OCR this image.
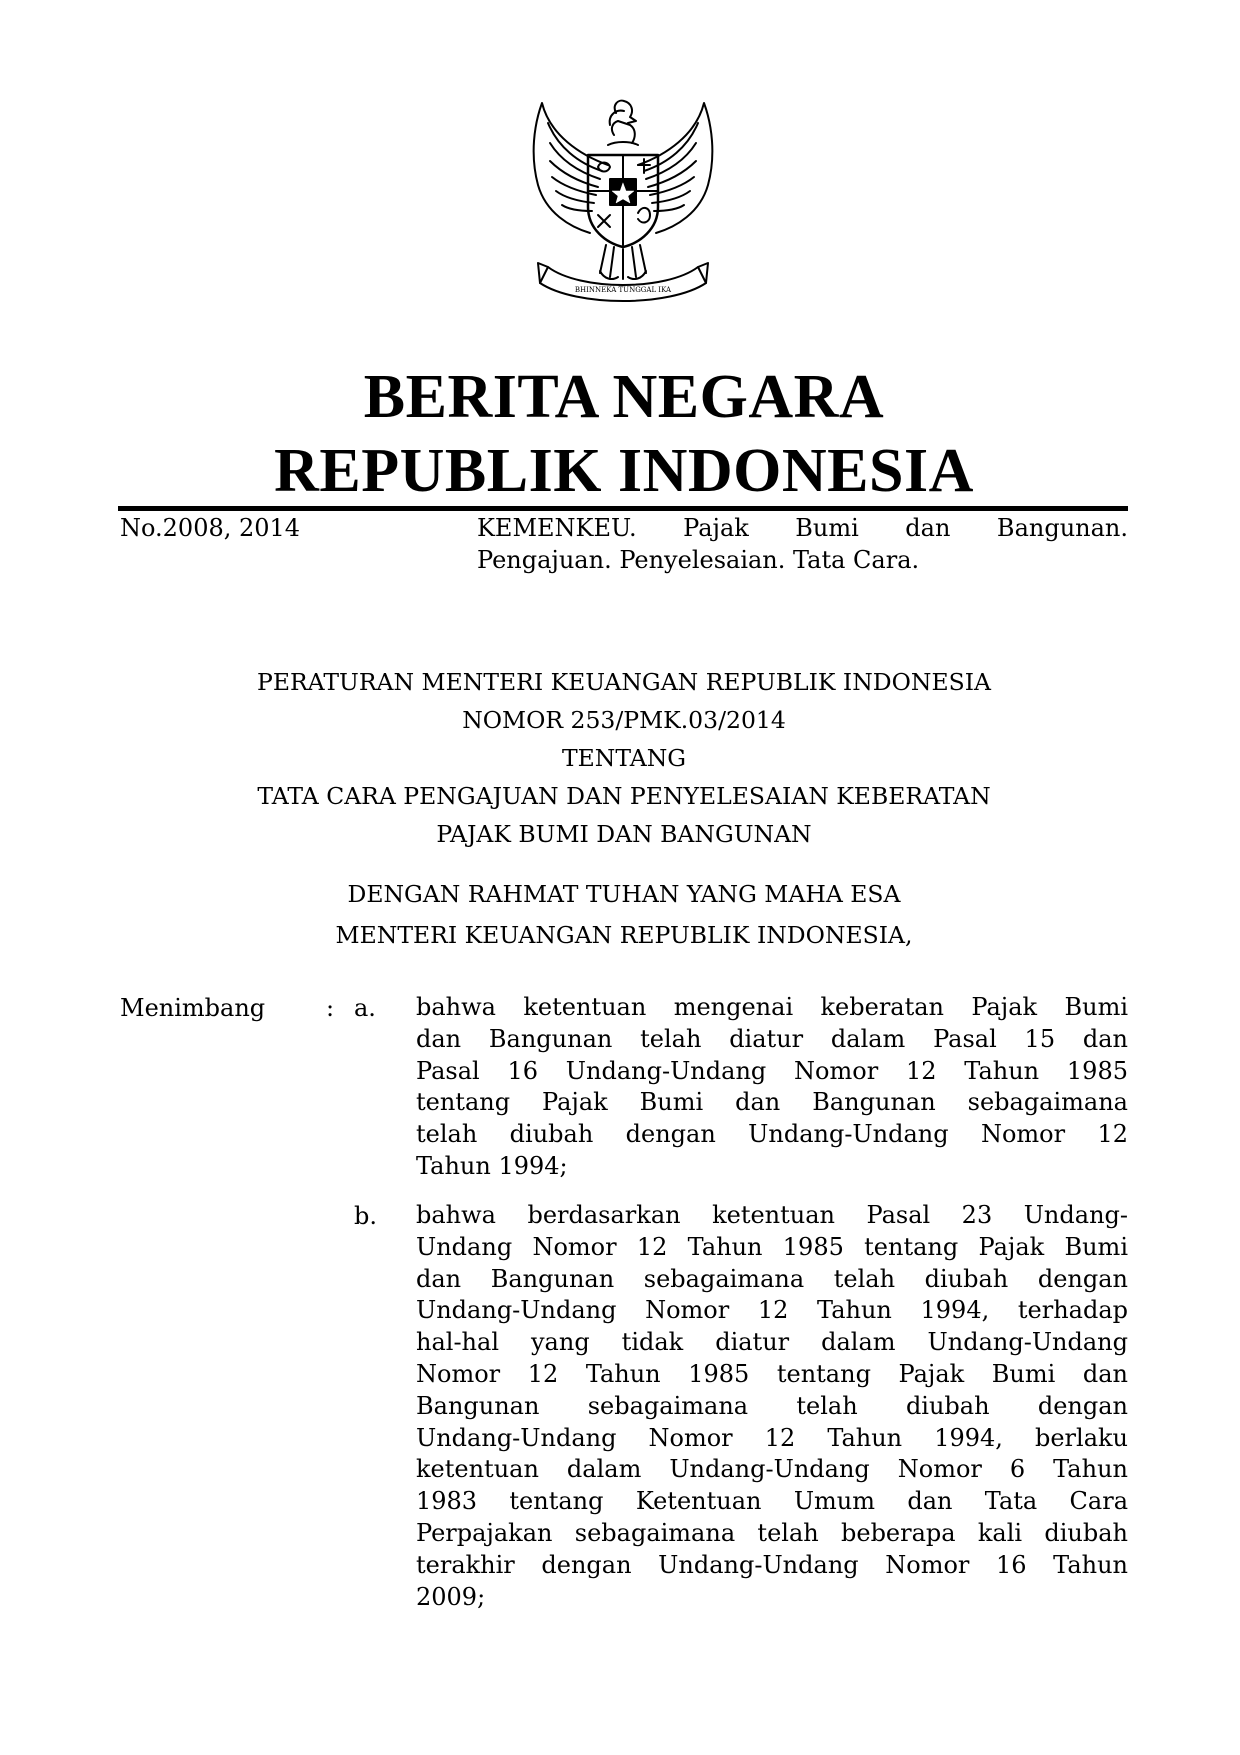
BHINNEKA TUNGGAL IKA
BERITA NEGARA
REPUBLIK INDONESIA
No.2008, 2014	KEMENKEU. Pajak Bumi dan Bangunan.
Pengajuan. Penyelesaian. Tata Cara.
PERATURAN MENTERI KEUANGAN REPUBLIK INDONESIA
NOMOR 253/PMK.03/2014
TENTANG
TATA CARA PENGAJUAN DAN PENYELESAIAN KEBERATAN
PAJAK BUMI DAN BANGUNAN
DENGAN RAHMAT TUHAN YANG MAHA ESA
MENTERI KEUANGAN REPUBLIK INDONESIA,
Menimbang	: a. bahwa ketentuan mengenai keberatan Pajak Bumi
dan Bangunan telah diatur dalam Pasal 15 dan
Pasal 16 Undang-Undang Nomor 12 Tahun 1985
tentang Pajak Bumi dan Bangunan sebagaimana
telah diubah dengan Undang-Undang Nomor 12
Tahun 1994;
b. bahwa berdasarkan ketentuan Pasal 23 Undang-
Undang Nomor 12 Tahun 1985 tentang Pajak Bumi
dan Bangunan sebagaimana telah diubah dengan
Undang-Undang Nomor 12 Tahun 1994, terhadap
hal-hal yang tidak diatur dalam Undang-Undang
Nomor 12 Tahun 1985 tentang Pajak Bumi dan
Bangunan sebagaimana telah diubah dengan
Undang-Undang Nomor 12 Tahun 1994, berlaku
ketentuan dalam Undang-Undang Nomor 6 Tahun
1983 tentang Ketentuan Umum dan Tata Cara
Perpajakan sebagaimana telah beberapa kali diubah
terakhir dengan Undang-Undang Nomor 16 Tahun
2009;
